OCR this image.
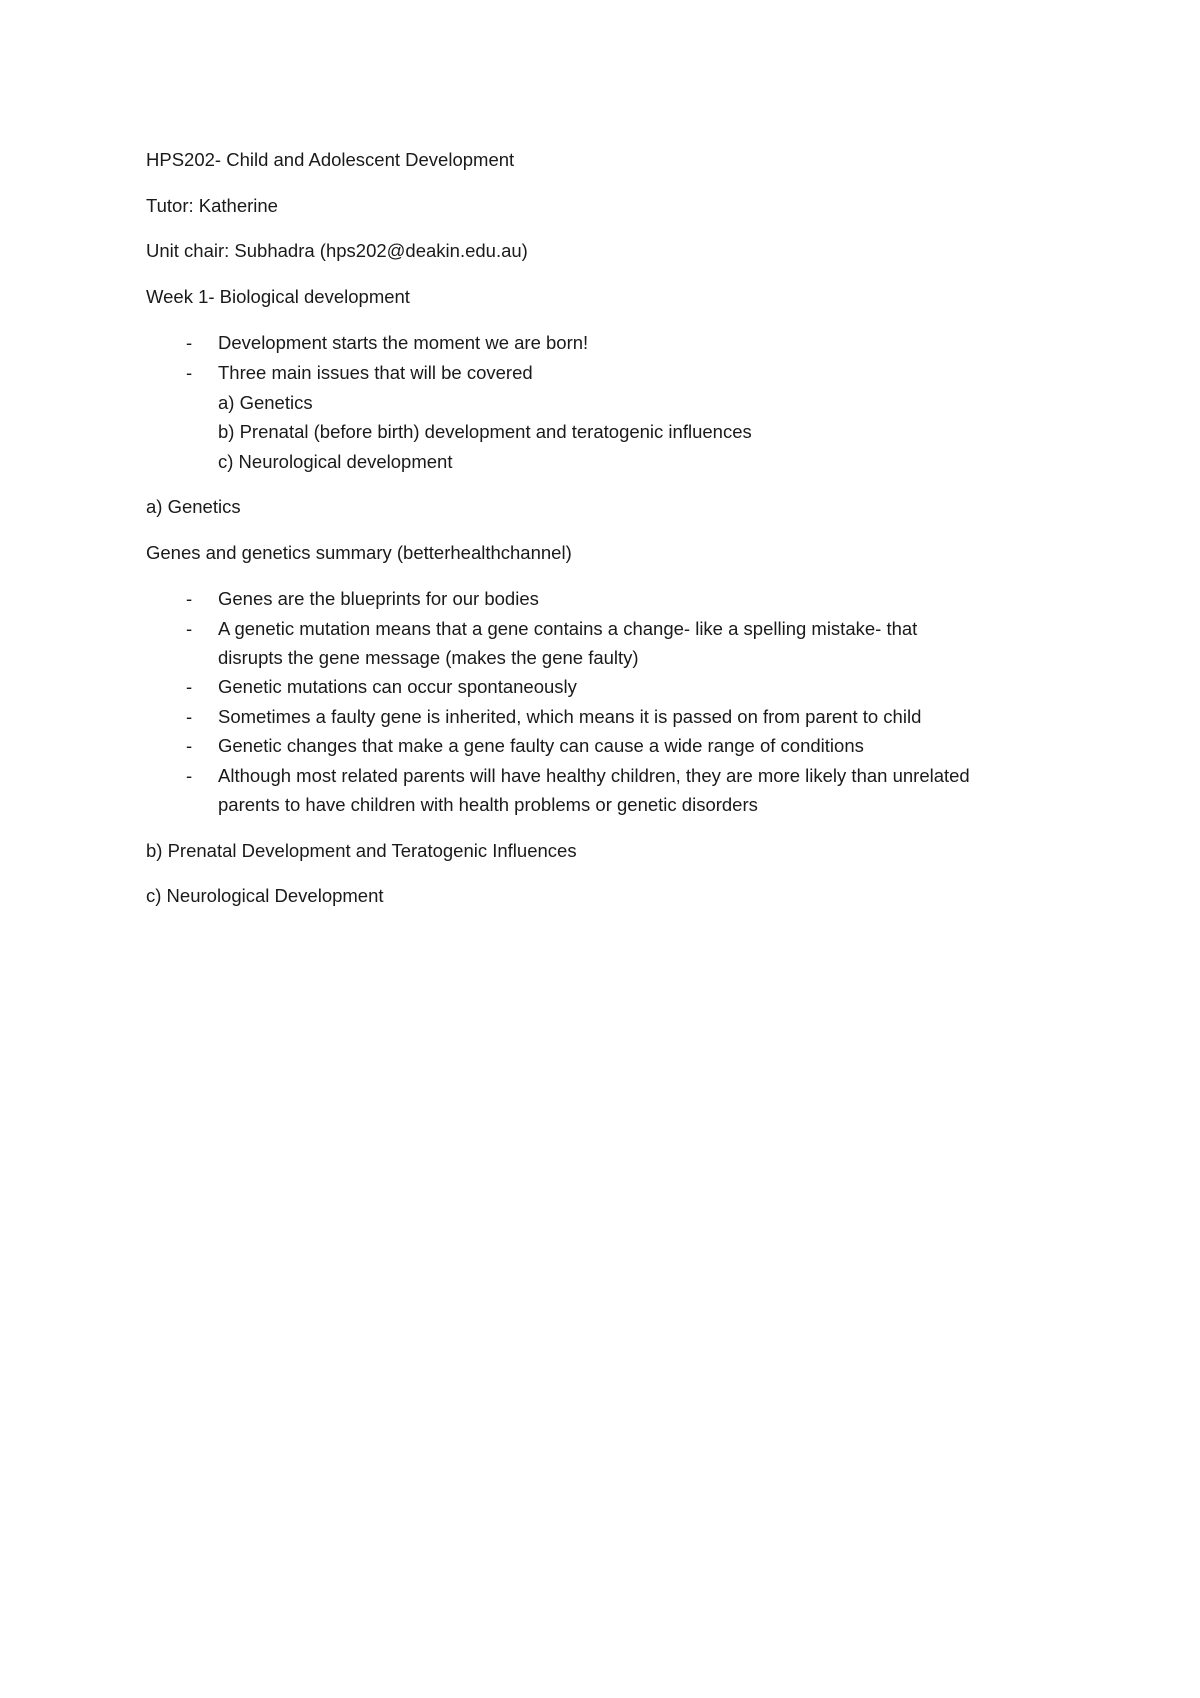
HPS202- Child and Adolescent Development
Tutor: Katherine
Unit chair: Subhadra (hps202@deakin.edu.au)
Week 1- Biological development
- Development starts the moment we are born!
- Three main issues that will be covered
a) Genetics
b) Prenatal (before birth) development and teratogenic influences
c) Neurological development
a) Genetics
Genes and genetics summary (betterhealthchannel)
- Genes are the blueprints for our bodies
- A genetic mutation means that a gene contains a change- like a spelling mistake- that
disrupts the gene message (makes the gene faulty)
- Genetic mutations can occur spontaneously
- Sometimes a faulty gene is inherited, which means it is passed on from parent to child
- Genetic changes that make a gene faulty can cause a wide range of conditions
- Although most related parents will have healthy children, they are more likely than unrelated
parents to have children with health problems or genetic disorders
b) Prenatal Development and Teratogenic Influences
c) Neurological Development
